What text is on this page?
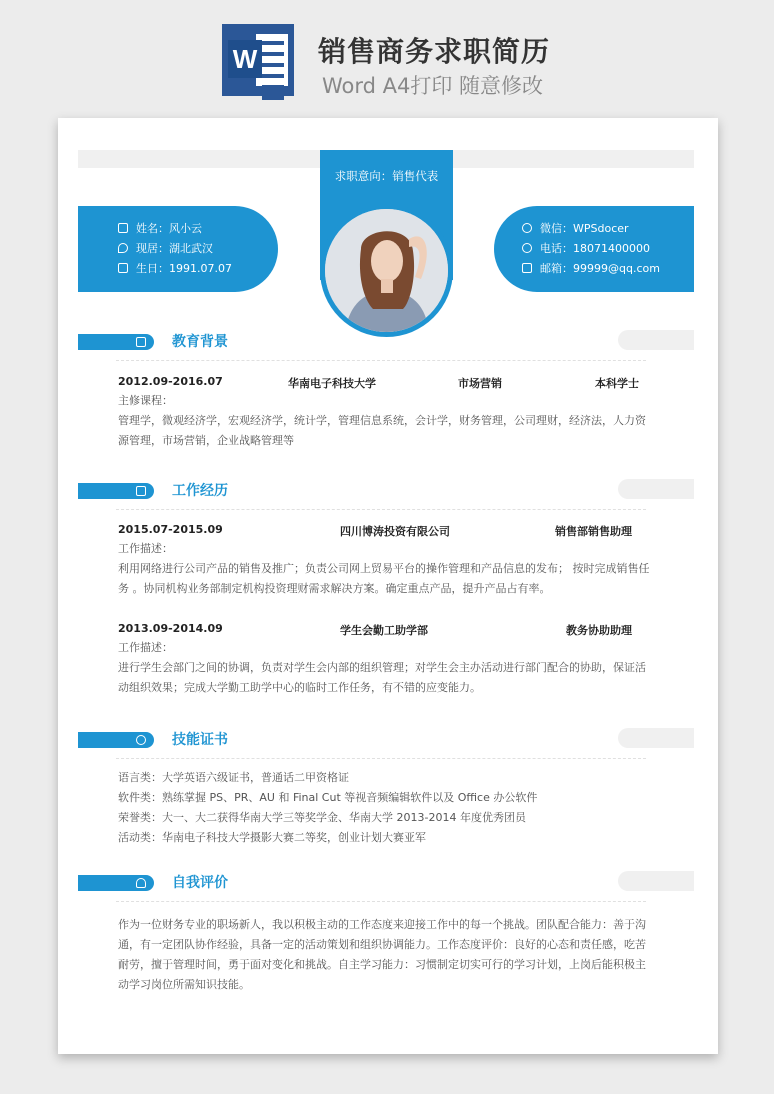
W 销售商务求职简历
Word A4打印 随意修改
姓名：风小云
现居：湖北武汉
生日：1991.07.07
微信：WPSdocer
电话：18071400000
邮箱：99999@qq.com
求职意向：销售代表
教育背景
2012.09-2016.07	华南电子科技大学	市场营销	本科学士
主修课程：
管理学，微观经济学，宏观经济学，统计学，管理信息系统，会计学，财务管理，公司理财，经济法，人力资源管理，市场营销，企业战略管理等
工作经历
2015.07-2015.09	四川博涛投资有限公司	销售部销售助理
工作描述：
利用网络进行公司产品的销售及推广；负责公司网上贸易平台的操作管理和产品信息的发布； 按时完成销售任务 。协同机构业务部制定机构投资理财需求解决方案。确定重点产品，提升产品占有率。
2013.09-2014.09	学生会勤工助学部	教务协助助理
工作描述：
进行学生会部门之间的协调，负责对学生会内部的组织管理；对学生会主办活动进行部门配合的协助，保证活动组织效果；完成大学勤工助学中心的临时工作任务，有不错的应变能力。
技能证书
语言类：大学英语六级证书，普通话二甲资格证
软件类：熟练掌握 PS、PR、AU 和 Final Cut 等视音频编辑软件以及 Office 办公软件
荣誉类：大一、大二获得华南大学三等奖学金、华南大学 2013-2014 年度优秀团员
活动类：华南电子科技大学摄影大赛二等奖，创业计划大赛亚军
自我评价
作为一位财务专业的职场新人，我以积极主动的工作态度来迎接工作中的每一个挑战。团队配合能力：善于沟通，有一定团队协作经验，具备一定的活动策划和组织协调能力。工作态度评价：良好的心态和责任感，吃苦耐劳，擅于管理时间，勇于面对变化和挑战。自主学习能力：习惯制定切实可行的学习计划，上岗后能积极主动学习岗位所需知识技能。
